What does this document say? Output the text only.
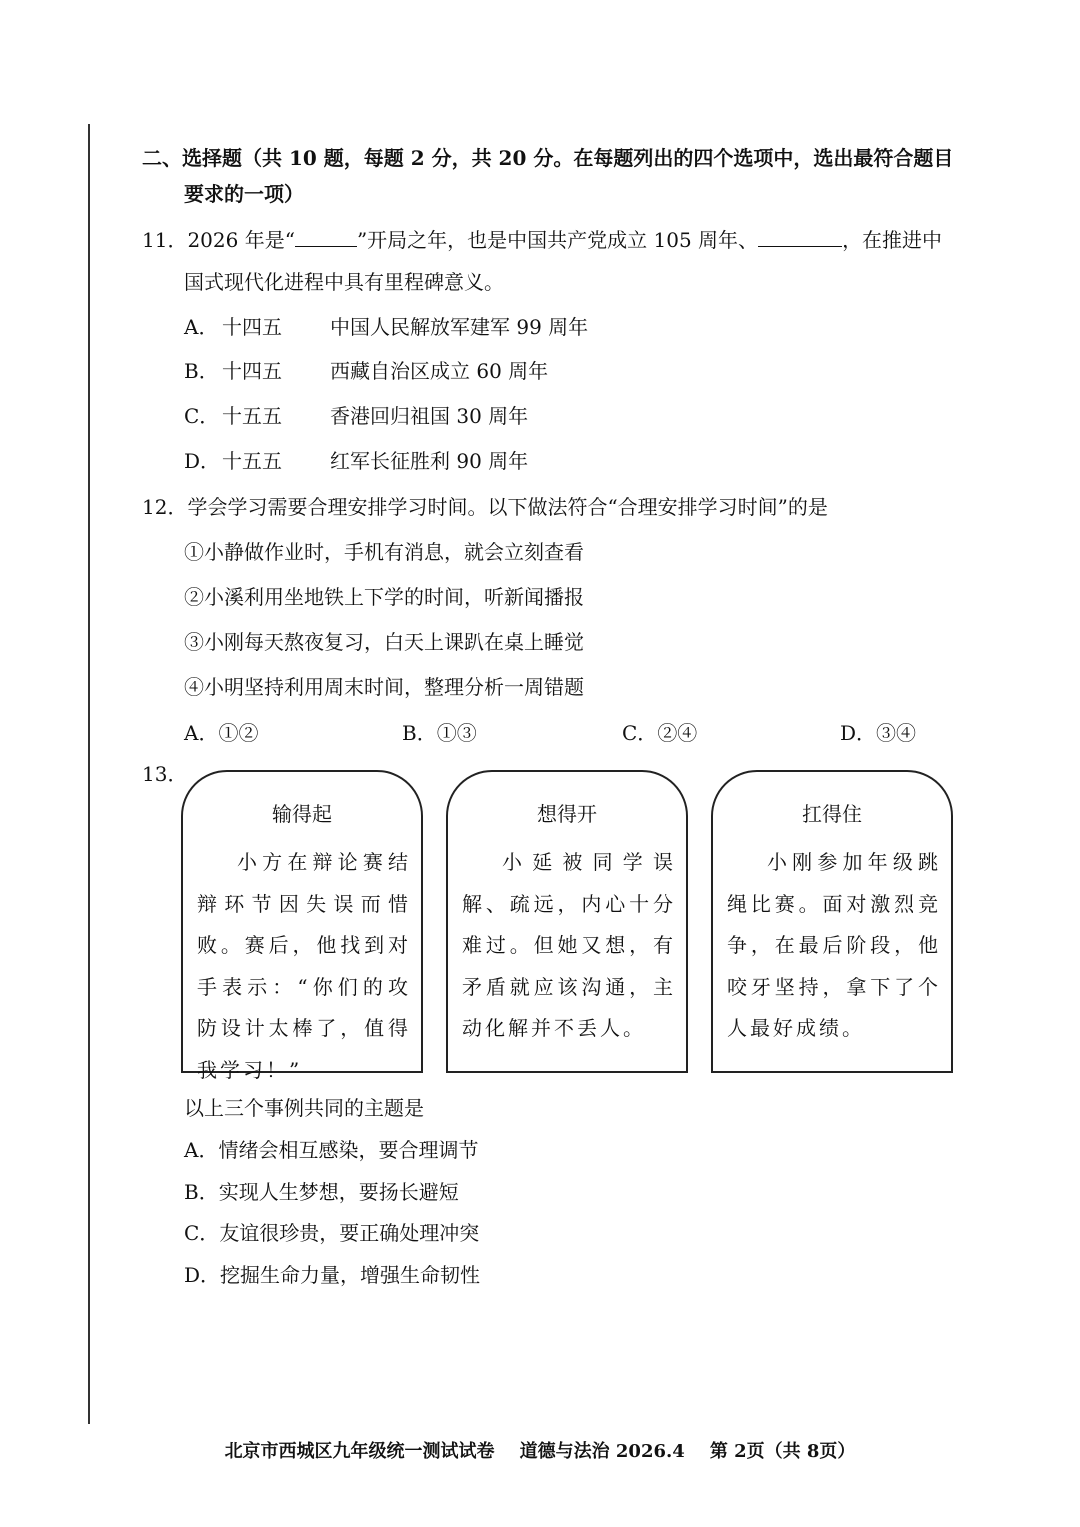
二、选择题（共 10 题，每题 2 分，共 20 分。在每题列出的四个选项中，选出最符合题目
要求的一项）
11．2026 年是“	”开局之年，也是中国共产党成立 105 周年、	，在推进中
国式现代化进程中具有里程碑意义。
A． 十四五 中国人民解放军建军 99 周年
B． 十四五 西藏自治区成立 60 周年
C． 十五五 香港回归祖国 30 周年
D． 十五五 红军长征胜利 90 周年
12．学会学习需要合理安排学习时间。以下做法符合“合理安排学习时间”的是
①小静做作业时，手机有消息，就会立刻查看
②小溪利用坐地铁上下学的时间，听新闻播报
③小刚每天熬夜复习，白天上课趴在桌上睡觉
④小明坚持利用周末时间，整理分析一周错题
A．①②	B．①③	C．②④	D．③④
13．
输得起
小方在辩论赛结辩环节因失误而惜败。赛后，他找到对手表示：“你们的攻防设计太棒了，值得我学习！”
想得开
小延被同学误解、疏远，内心十分难过。但她又想，有矛盾就应该沟通，主动化解并不丢人。
扛得住
小刚参加年级跳绳比赛。面对激烈竞争，在最后阶段，他咬牙坚持，拿下了个人最好成绩。
以上三个事例共同的主题是
A．情绪会相互感染，要合理调节
B．实现人生梦想，要扬长避短
C．友谊很珍贵，要正确处理冲突
D．挖掘生命力量，增强生命韧性
北京市西城区九年级统一测试试卷    道德与法治 2026.4    第 2页（共 8页）
